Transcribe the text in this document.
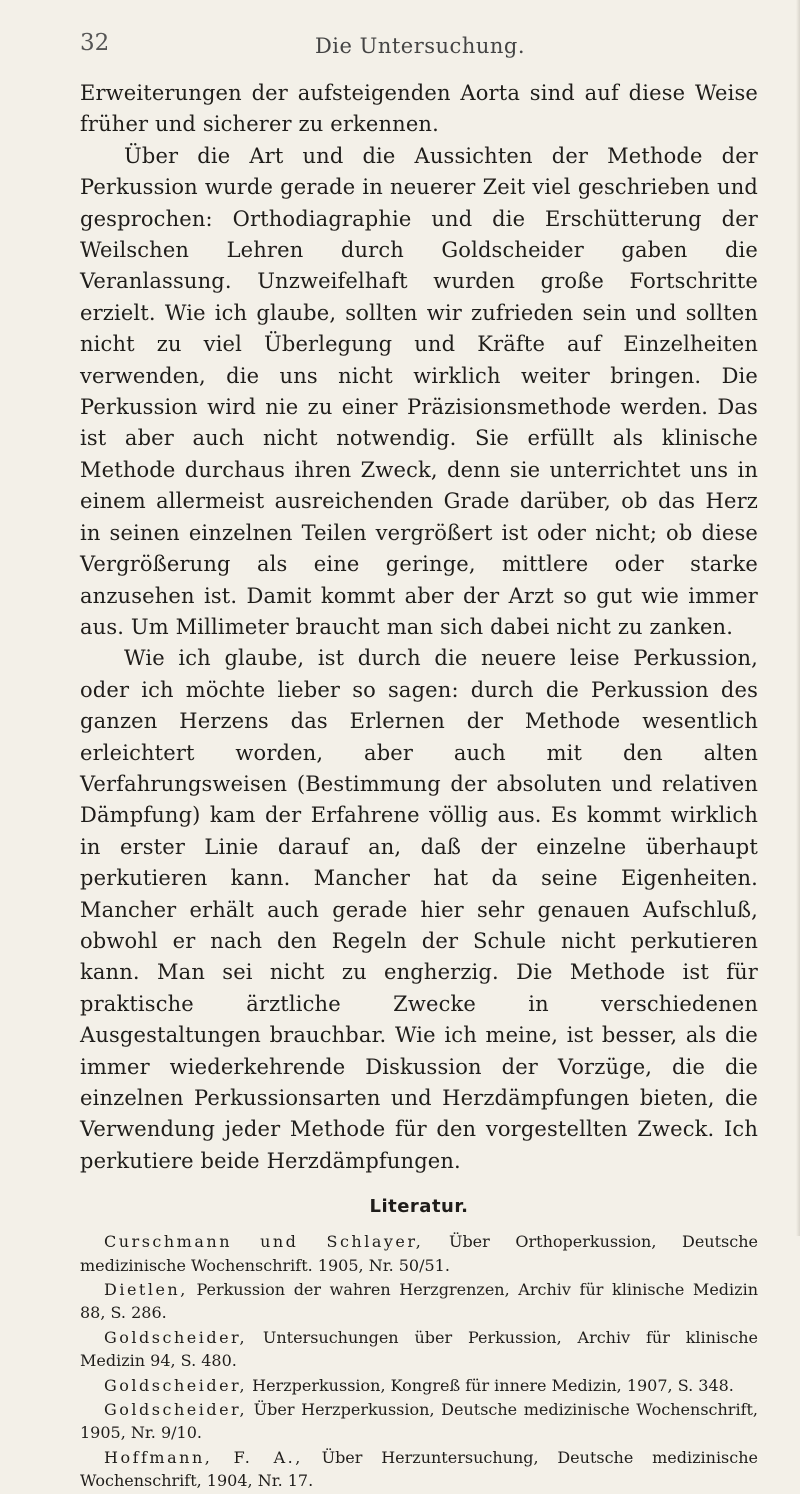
32	Die Untersuchung.

Erweiterungen der aufsteigenden Aorta sind auf diese Weise früher und sicherer zu erkennen.

Über die Art und die Aussichten der Methode der Perkussion wurde gerade in neuerer Zeit viel geschrieben und gesprochen: Orthodiagraphie und die Erschütterung der Weilschen Lehren durch Goldscheider gaben die Veranlassung. Unzweifelhaft wurden große Fortschritte erzielt. Wie ich glaube, sollten wir zufrieden sein und sollten nicht zu viel Überlegung und Kräfte auf Einzelheiten verwenden, die uns nicht wirklich weiter bringen. Die Perkussion wird nie zu einer Präzisionsmethode werden. Das ist aber auch nicht notwendig. Sie erfüllt als klinische Methode durchaus ihren Zweck, denn sie unterrichtet uns in einem allermeist ausreichenden Grade darüber, ob das Herz in seinen einzelnen Teilen vergrößert ist oder nicht; ob diese Vergrößerung als eine geringe, mittlere oder starke anzusehen ist. Damit kommt aber der Arzt so gut wie immer aus. Um Millimeter braucht man sich dabei nicht zu zanken.

Wie ich glaube, ist durch die neuere leise Perkussion, oder ich möchte lieber so sagen: durch die Perkussion des ganzen Herzens das Erlernen der Methode wesentlich erleichtert worden, aber auch mit den alten Verfahrungsweisen (Bestimmung der absoluten und relativen Dämpfung) kam der Erfahrene völlig aus. Es kommt wirklich in erster Linie darauf an, daß der einzelne überhaupt perkutieren kann. Mancher hat da seine Eigenheiten. Mancher erhält auch gerade hier sehr genauen Aufschluß, obwohl er nach den Regeln der Schule nicht perkutieren kann. Man sei nicht zu engherzig. Die Methode ist für praktische ärztliche Zwecke in verschiedenen Ausgestaltungen brauchbar. Wie ich meine, ist besser, als die immer wiederkehrende Diskussion der Vorzüge, die die einzelnen Perkussionsarten und Herzdämpfungen bieten, die Verwendung jeder Methode für den vorgestellten Zweck. Ich perkutiere beide Herzdämpfungen.

Literatur.
Curschmann und Schlayer, Über Orthoperkussion, Deutsche medizinische Wochenschrift. 1905, Nr. 50/51.
Dietlen, Perkussion der wahren Herzgrenzen, Archiv für klinische Medizin 88, S. 286.
Goldscheider, Untersuchungen über Perkussion, Archiv für klinische Medizin 94, S. 480.
Goldscheider, Herzperkussion, Kongreß für innere Medizin, 1907, S. 348.
Goldscheider, Über Herzperkussion, Deutsche medizinische Wochenschrift, 1905, Nr. 9/10.
Hoffmann, F. A., Über Herzuntersuchung, Deutsche medizinische Wochenschrift, 1904, Nr. 17.
